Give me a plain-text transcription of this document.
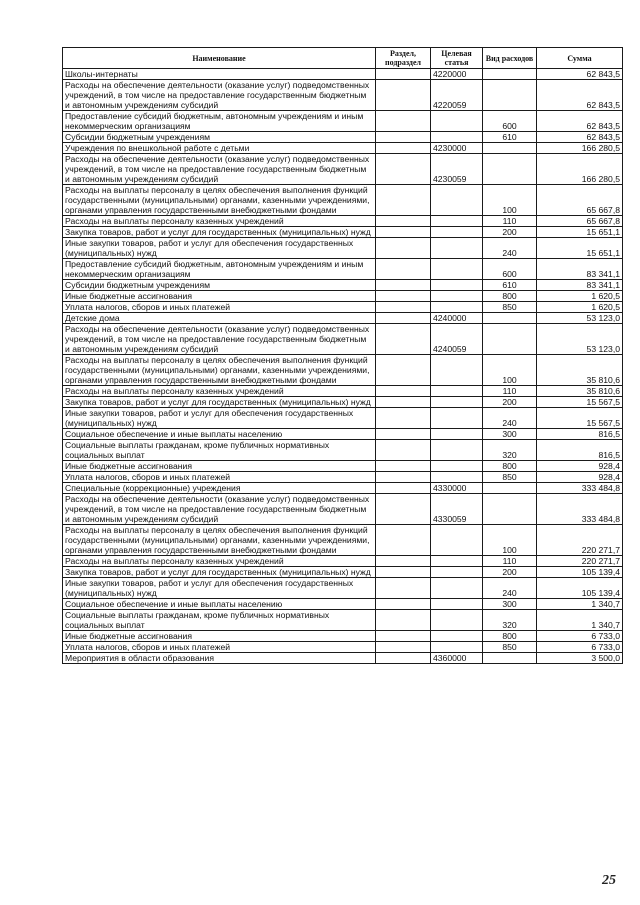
Наименование	Раздел, подраздел	Целевая статья	Вид расходов	Сумма
Школы-интернаты		4220000		62 843,5
Расходы на обеспечение деятельности (оказание услуг) подведомственных учреждений, в том числе на предоставление государственным бюджетным и автономным учреждениям субсидий		4220059		62 843,5
Предоставление субсидий бюджетным, автономным учреждениям и иным некоммерческим организациям			600	62 843,5
Субсидии бюджетным учреждениям			610	62 843,5
Учреждения по внешкольной работе с детьми		4230000		166 280,5
Расходы на обеспечение деятельности (оказание услуг) подведомственных учреждений, в том числе на предоставление государственным бюджетным и автономным учреждениям субсидий		4230059		166 280,5
Расходы на выплаты персоналу в целях обеспечения выполнения функций государственными (муниципальными) органами, казенными учреждениями, органами управления государственными внебюджетными фондами			100	65 667,8
Расходы на выплаты персоналу казенных учреждений			110	65 667,8
Закупка товаров, работ и услуг для государственных (муниципальных) нужд			200	15 651,1
Иные закупки товаров, работ и услуг для обеспечения государственных (муниципальных) нужд			240	15 651,1
Предоставление субсидий бюджетным, автономным учреждениям и иным некоммерческим организациям			600	83 341,1
Субсидии бюджетным учреждениям			610	83 341,1
Иные бюджетные ассигнования			800	1 620,5
Уплата налогов, сборов и иных платежей			850	1 620,5
Детские дома		4240000		53 123,0
Расходы на обеспечение деятельности (оказание услуг) подведомственных учреждений, в том числе на предоставление государственным бюджетным и автономным учреждениям субсидий		4240059		53 123,0
Расходы на выплаты персоналу в целях обеспечения выполнения функций государственными (муниципальными) органами, казенными учреждениями, органами управления государственными внебюджетными фондами			100	35 810,6
Расходы на выплаты персоналу казенных учреждений			110	35 810,6
Закупка товаров, работ и услуг для государственных (муниципальных) нужд			200	15 567,5
Иные закупки товаров, работ и услуг для обеспечения государственных (муниципальных) нужд			240	15 567,5
Социальное обеспечение и иные выплаты населению			300	816,5
Социальные выплаты гражданам, кроме публичных нормативных социальных выплат			320	816,5
Иные бюджетные ассигнования			800	928,4
Уплата налогов, сборов и иных платежей			850	928,4
Специальные (коррекционные) учреждения		4330000		333 484,8
Расходы на обеспечение деятельности (оказание услуг) подведомственных учреждений, в том числе на предоставление государственным бюджетным и автономным учреждениям субсидий		4330059		333 484,8
Расходы на выплаты персоналу в целях обеспечения выполнения функций государственными (муниципальными) органами, казенными учреждениями, органами управления государственными внебюджетными фондами			100	220 271,7
Расходы на выплаты персоналу казенных учреждений			110	220 271,7
Закупка товаров, работ и услуг для государственных (муниципальных) нужд			200	105 139,4
Иные закупки товаров, работ и услуг для обеспечения государственных (муниципальных) нужд			240	105 139,4
Социальное обеспечение и иные выплаты населению			300	1 340,7
Социальные выплаты гражданам, кроме публичных нормативных социальных выплат			320	1 340,7
Иные бюджетные ассигнования			800	6 733,0
Уплата налогов, сборов и иных платежей			850	6 733,0
Мероприятия в области образования		4360000		3 500,0
25
